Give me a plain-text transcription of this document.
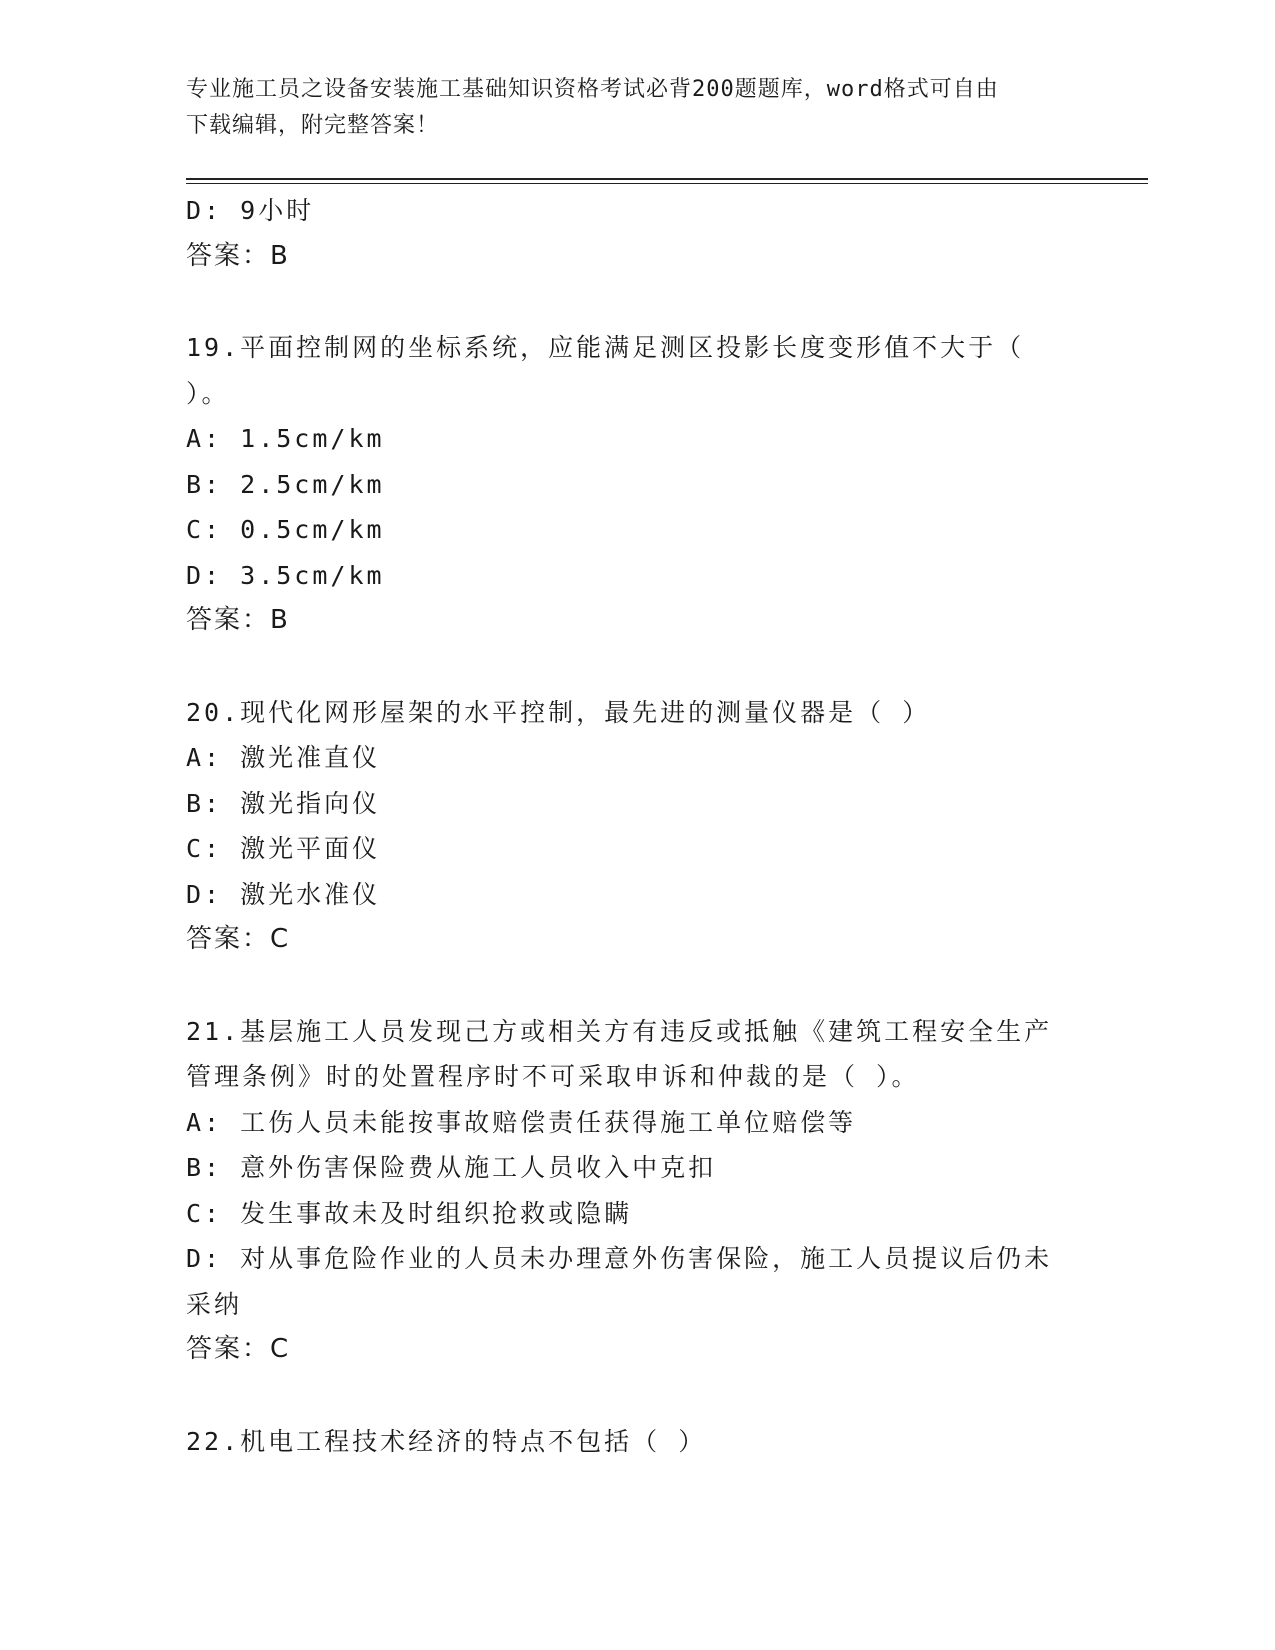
专业施工员之设备安装施工基础知识资格考试必背200题题库，word格式可自由
下载编辑，附完整答案！
D: 9小时
答案：B
19.平面控制网的坐标系统，应能满足测区投影长度变形值不大于（
）。
A: 1.5cm/km
B: 2.5cm/km
C: 0.5cm/km
D: 3.5cm/km
答案：B
20.现代化网形屋架的水平控制，最先进的测量仪器是（ ）
A: 激光准直仪
B: 激光指向仪
C: 激光平面仪
D: 激光水准仪
答案：C
21.基层施工人员发现己方或相关方有违反或抵触《建筑工程安全生产
管理条例》时的处置程序时不可采取申诉和仲裁的是（ ）。
A: 工伤人员未能按事故赔偿责任获得施工单位赔偿等
B: 意外伤害保险费从施工人员收入中克扣
C: 发生事故未及时组织抢救或隐瞒
D: 对从事危险作业的人员未办理意外伤害保险，施工人员提议后仍未
采纳
答案：C
22.机电工程技术经济的特点不包括（ ）
